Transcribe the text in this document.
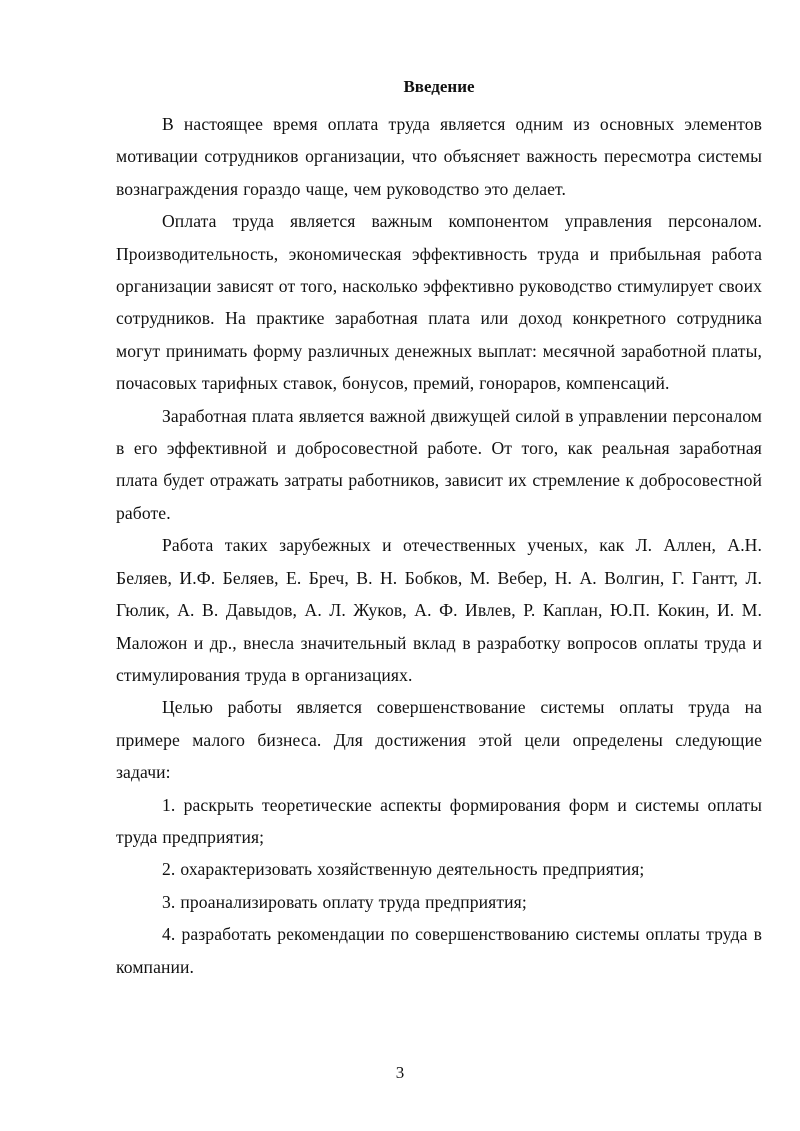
Введение

В настоящее время оплата труда является одним из основных элементов мотивации сотрудников организации, что объясняет важность пересмотра системы вознаграждения гораздо чаще, чем руководство это делает.

Оплата труда является важным компонентом управления персоналом. Производительность, экономическая эффективность труда и прибыльная работа организации зависят от того, насколько эффективно руководство стимулирует своих сотрудников. На практике заработная плата или доход конкретного сотрудника могут принимать форму различных денежных выплат: месячной заработной платы, почасовых тарифных ставок, бонусов, премий, гонораров, компенсаций.

Заработная плата является важной движущей силой в управлении персоналом в его эффективной и добросовестной работе. От того, как реальная заработная плата будет отражать затраты работников, зависит их стремление к добросовестной работе.

Работа таких зарубежных и отечественных ученых, как Л. Аллен, А.Н. Беляев, И.Ф. Беляев, Е. Бреч, В. Н. Бобков, М. Вебер, Н. А. Волгин, Г. Гантт, Л. Гюлик, А. В. Давыдов, А. Л. Жуков, А. Ф. Ивлев, Р. Каплан, Ю.П. Кокин, И. М. Маложон и др., внесла значительный вклад в разработку вопросов оплаты труда и стимулирования труда в организациях.

Целью работы является совершенствование системы оплаты труда на примере малого бизнеса. Для достижения этой цели определены следующие задачи:

1. раскрыть теоретические аспекты формирования форм и системы оплаты труда предприятия;

2. охарактеризовать хозяйственную деятельность предприятия;

3. проанализировать оплату труда предприятия;

4. разработать рекомендации по совершенствованию системы оплаты труда в компании.

3
